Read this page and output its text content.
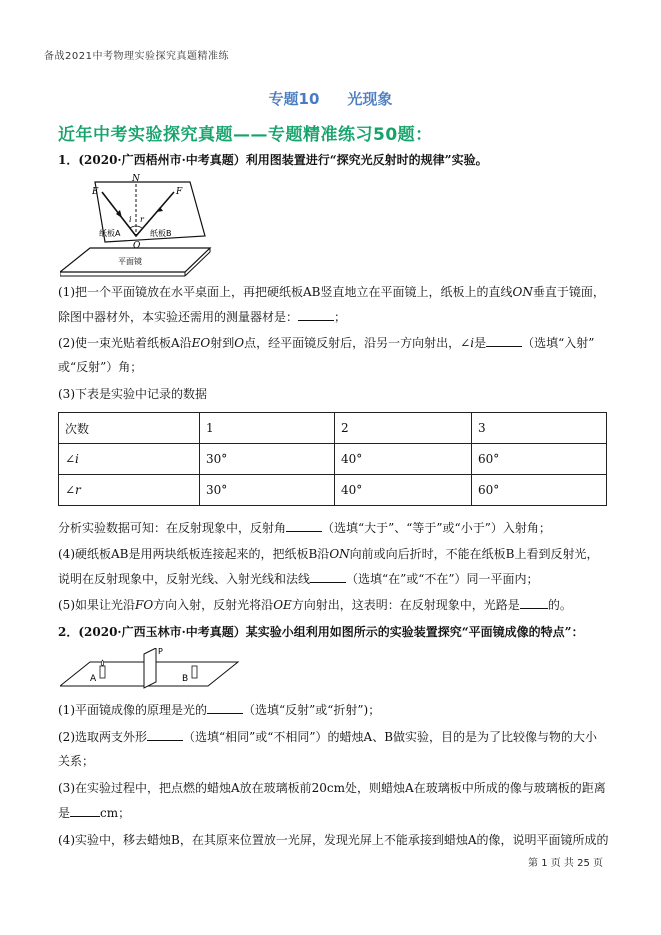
备战2021中考物理实验探究真题精准练
专题10 光现象
近年中考实验探究真题——专题精准练习50题：
1．(2020·广西梧州市·中考真题）利用图装置进行“探究光反射时的规律”实验。
E
N
F
i r
O
纸板A	纸板B
平面镜
(1)把一个平面镜放在水平桌面上，再把硬纸板AB竖直地立在平面镜上，纸板上的直线ON垂直于镜面，
除图中器材外，本实验还需用的测量器材是：	；
(2)使一束光贴着纸板A沿EO射到O点，经平面镜反射后，沿另一方向射出，∠i是	（选填“入射”
或“反射”）角；
(3)下表是实验中记录的数据
次数	1	2	3
∠i	30°	40°	60°
∠r	30°	40°	60°
分析实验数据可知：在反射现象中，反射角	（选填“大于”、“等于”或“小于”）入射角；
(4)硬纸板AB是用两块纸板连接起来的，把纸板B沿ON向前或向后折时，不能在纸板B上看到反射光，
说明在反射现象中，反射光线、入射光线和法线	（选填“在”或“不在”）同一平面内；
(5)如果让光沿FO方向入射，反射光将沿OE方向射出，这表明：在反射现象中，光路是 的。
2．(2020·广西玉林市·中考真题）某实验小组利用如图所示的实验装置探究“平面镜成像的特点”：
P
A	B
(1)平面镜成像的原理是光的	（选填“反射”或“折射”)；
(2)选取两支外形	（选填“相同”或“不相同”）的蜡烛A、B做实验，目的是为了比较像与物的大小
关系；
(3)在实验过程中，把点燃的蜡烛A放在玻璃板前20cm处，则蜡烛A在玻璃板中所成的像与玻璃板的距离
是	cm；
(4)实验中，移去蜡烛B，在其原来位置放一光屏，发现光屏上不能承接到蜡烛A的像，说明平面镜所成的
第 1 页 共 25 页
